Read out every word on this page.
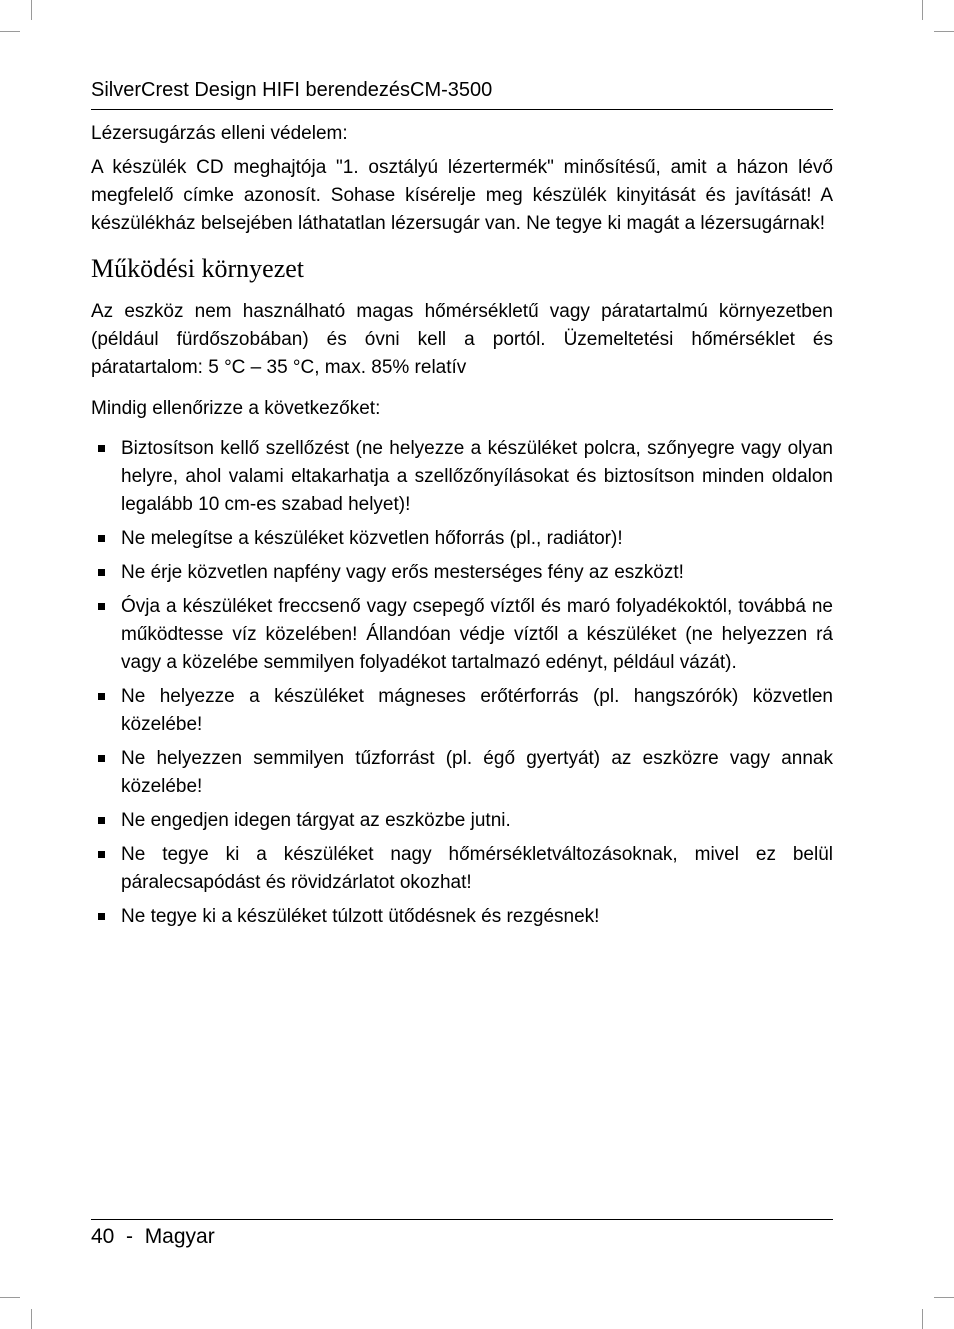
SilverCrest Design HIFI berendezésCM-3500

Lézersugárzás elleni védelem:

A készülék CD meghajtója "1. osztályú lézertermék" minősítésű, amit a házon lévő megfelelő címke azonosít. Sohase kísérelje meg készülék kinyitását és javítását! A készülékház belsejében láthatatlan lézersugár van. Ne tegye ki magát a lézersugárnak!

Működési környezet

Az eszköz nem használható magas hőmérsékletű vagy páratartalmú környezetben (például fürdőszobában) és óvni kell a portól. Üzemeltetési hőmérséklet és páratartalom: 5 °C – 35 °C, max. 85% relatív

Mindig ellenőrizze a következőket:

Biztosítson kellő szellőzést (ne helyezze a készüléket polcra, szőnyegre vagy olyan helyre, ahol valami eltakarhatja a szellőzőnyílásokat és biztosítson minden oldalon legalább 10 cm-es szabad helyet)!
Ne melegítse a készüléket közvetlen hőforrás (pl., radiátor)!
Ne érje közvetlen napfény vagy erős mesterséges fény az eszközt!
Óvja a készüléket freccsenő vagy csepegő víztől és maró folyadékoktól, továbbá ne működtesse víz közelében! Állandóan védje víztől a készüléket (ne helyezzen rá vagy a közelébe semmilyen folyadékot tartalmazó edényt, például vázát).
Ne helyezze a készüléket mágneses erőtérforrás (pl. hangszórók) közvetlen közelébe!
Ne helyezzen semmilyen tűzforrást (pl. égő gyertyát) az eszközre vagy annak közelébe!
Ne engedjen idegen tárgyat az eszközbe jutni.
Ne tegye ki a készüléket nagy hőmérsékletváltozásoknak, mivel ez belül páralecsapódást és rövidzárlatot okozhat!
Ne tegye ki a készüléket túlzott ütődésnek és rezgésnek!
40  -  Magyar
